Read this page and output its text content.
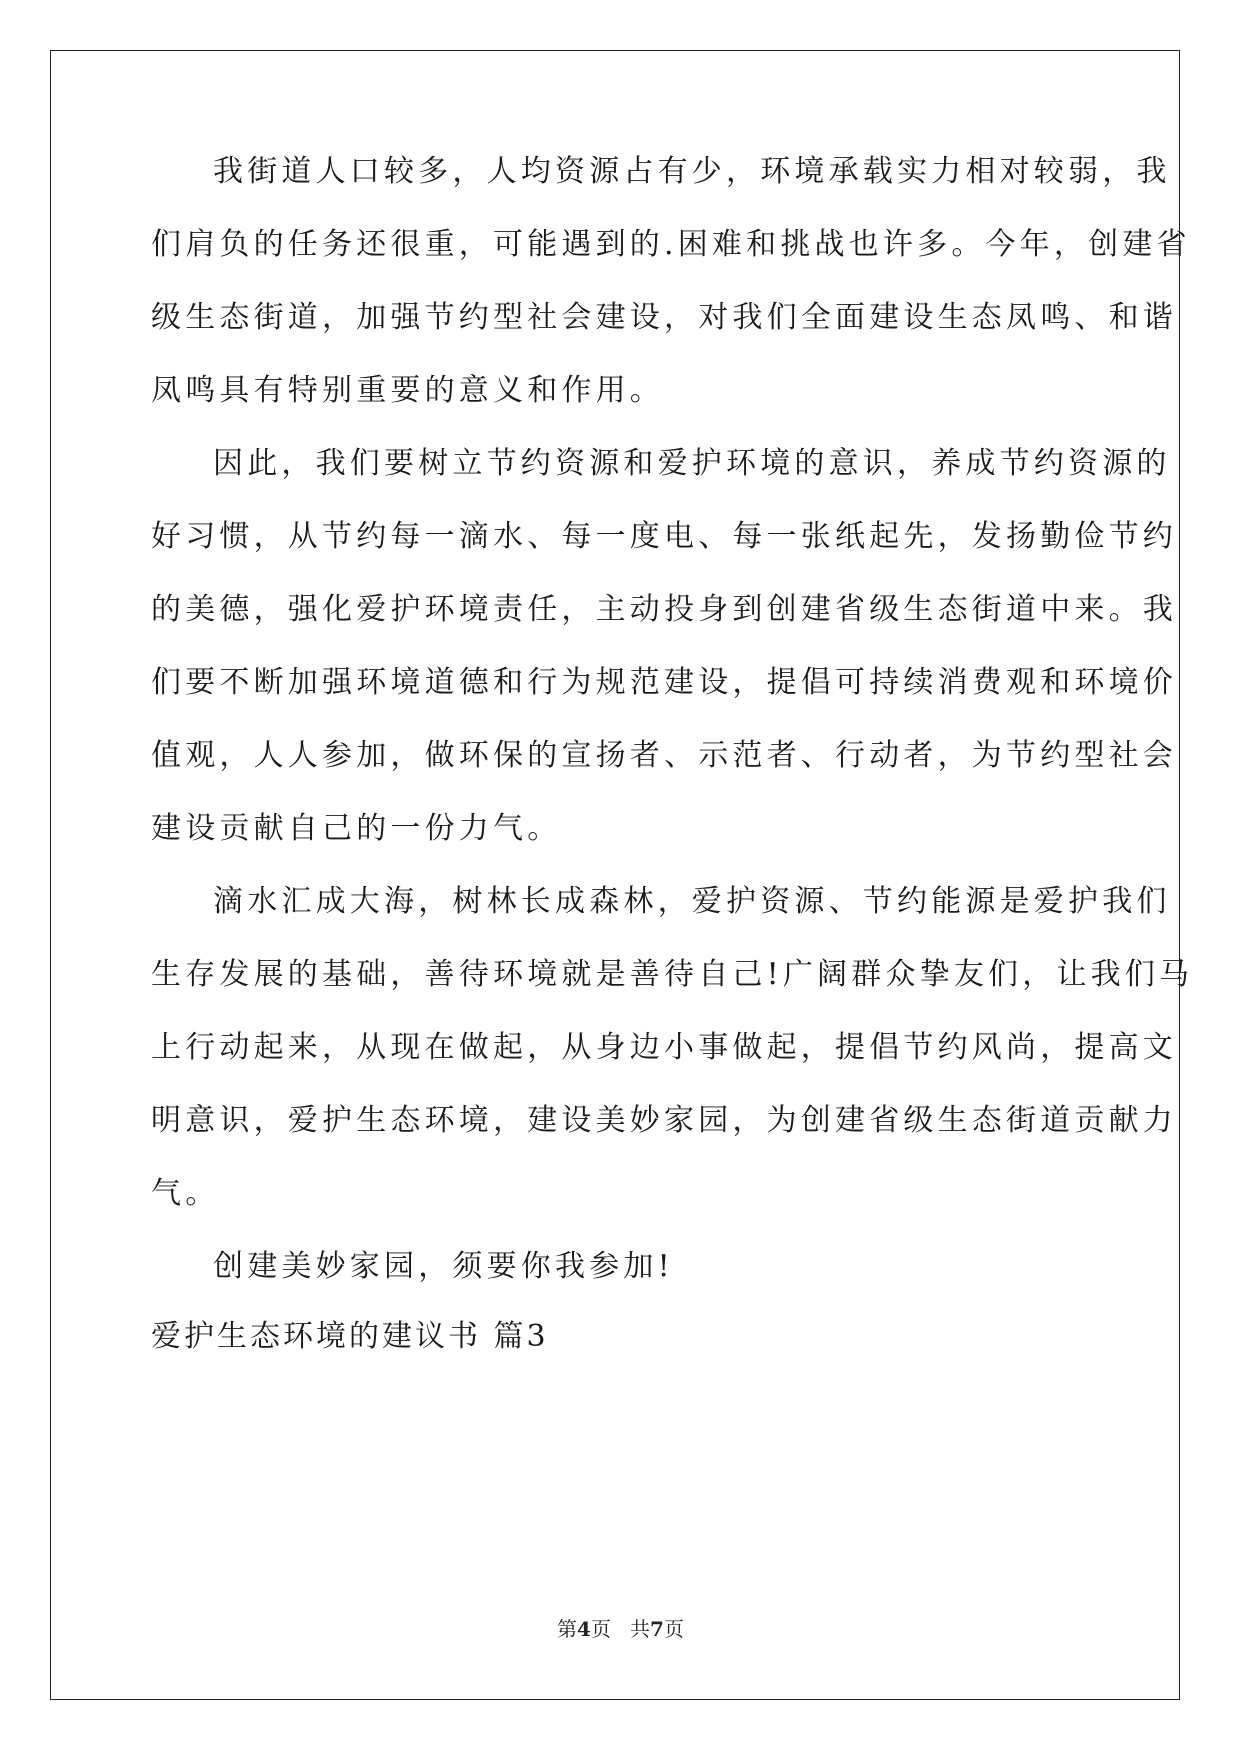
我街道人口较多，人均资源占有少，环境承载实力相对较弱，我
们肩负的任务还很重，可能遇到的.困难和挑战也许多。今年，创建省
级生态街道，加强节约型社会建设，对我们全面建设生态凤鸣、和谐
凤鸣具有特别重要的意义和作用。
因此，我们要树立节约资源和爱护环境的意识，养成节约资源的
好习惯，从节约每一滴水、每一度电、每一张纸起先，发扬勤俭节约
的美德，强化爱护环境责任，主动投身到创建省级生态街道中来。我
们要不断加强环境道德和行为规范建设，提倡可持续消费观和环境价
值观，人人参加，做环保的宣扬者、示范者、行动者，为节约型社会
建设贡献自己的一份力气。
滴水汇成大海，树林长成森林，爱护资源、节约能源是爱护我们
生存发展的基础，善待环境就是善待自己!广阔群众挚友们，让我们马
上行动起来，从现在做起，从身边小事做起，提倡节约风尚，提高文
明意识，爱护生态环境，建设美妙家园，为创建省级生态街道贡献力
气。
创建美妙家园，须要你我参加!
爱护生态环境的建议书 篇3
第4页 共7页
